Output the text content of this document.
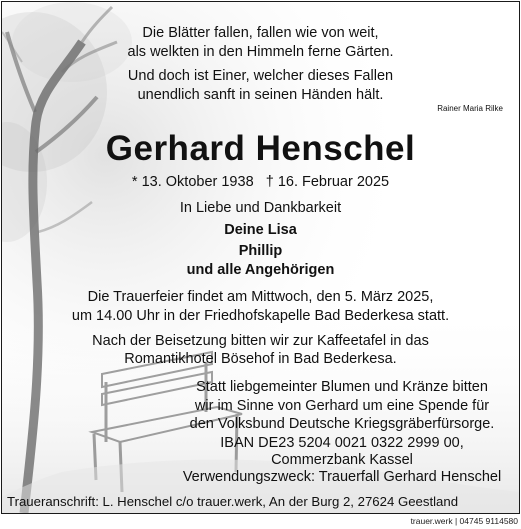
Die Blätter fallen, fallen wie von weit,
als welkten in den Himmeln ferne Gärten.
Und doch ist Einer, welcher dieses Fallen
unendlich sanft in seinen Händen hält.
Rainer Maria Rilke
Gerhard Henschel
* 13. Oktober 1938 † 16. Februar 2025
In Liebe und Dankbarkeit
Deine Lisa
Phillip
und alle Angehörigen
Die Trauerfeier findet am Mittwoch, den 5. März 2025,
um 14.00 Uhr in der Friedhofskapelle Bad Bederkesa statt.
Nach der Beisetzung bitten wir zur Kaffeetafel in das
Romantikhotel Bösehof in Bad Bederkesa.
Statt liebgemeinter Blumen und Kränze bitten
wir im Sinne von Gerhard um eine Spende für
den Volksbund Deutsche Kriegsgräberfürsorge.
IBAN DE23 5204 0021 0322 2999 00,
Commerzbank Kassel
Verwendungszweck: Trauerfall Gerhard Henschel
Traueranschrift: L. Henschel c/o trauer.werk, An der Burg 2, 27624 Geestland
trauer.werk | 04745 9114580
